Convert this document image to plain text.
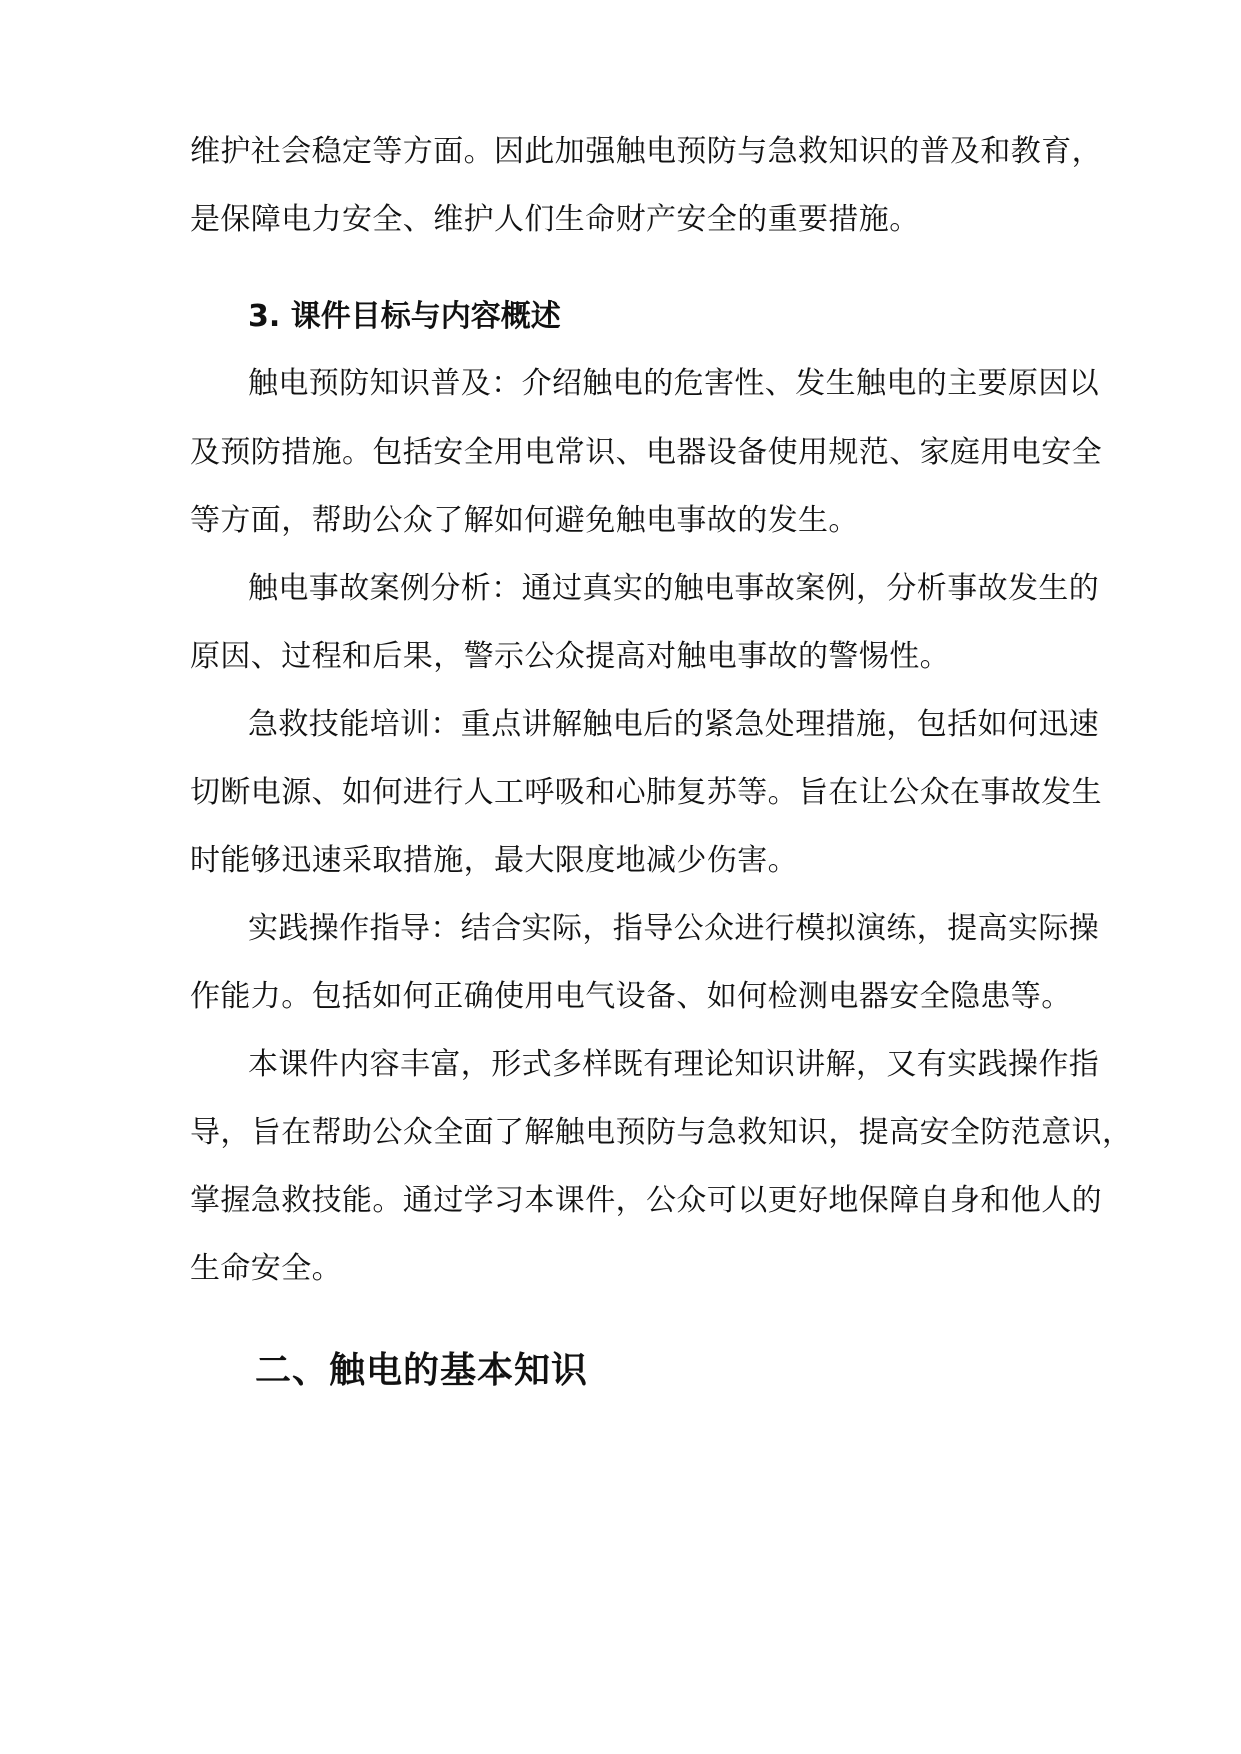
维护社会稳定等方面。因此加强触电预防与急救知识的普及和教育，
是保障电力安全、维护人们生命财产安全的重要措施。
3. 课件目标与内容概述
触电预防知识普及：介绍触电的危害性、发生触电的主要原因以
及预防措施。包括安全用电常识、电器设备使用规范、家庭用电安全
等方面，帮助公众了解如何避免触电事故的发生。
触电事故案例分析：通过真实的触电事故案例，分析事故发生的
原因、过程和后果，警示公众提高对触电事故的警惕性。
急救技能培训：重点讲解触电后的紧急处理措施，包括如何迅速
切断电源、如何进行人工呼吸和心肺复苏等。旨在让公众在事故发生
时能够迅速采取措施，最大限度地减少伤害。
实践操作指导：结合实际，指导公众进行模拟演练，提高实际操
作能力。包括如何正确使用电气设备、如何检测电器安全隐患等。
本课件内容丰富，形式多样既有理论知识讲解，又有实践操作指
导，旨在帮助公众全面了解触电预防与急救知识，提高安全防范意识，
掌握急救技能。通过学习本课件，公众可以更好地保障自身和他人的
生命安全。
二、触电的基本知识
